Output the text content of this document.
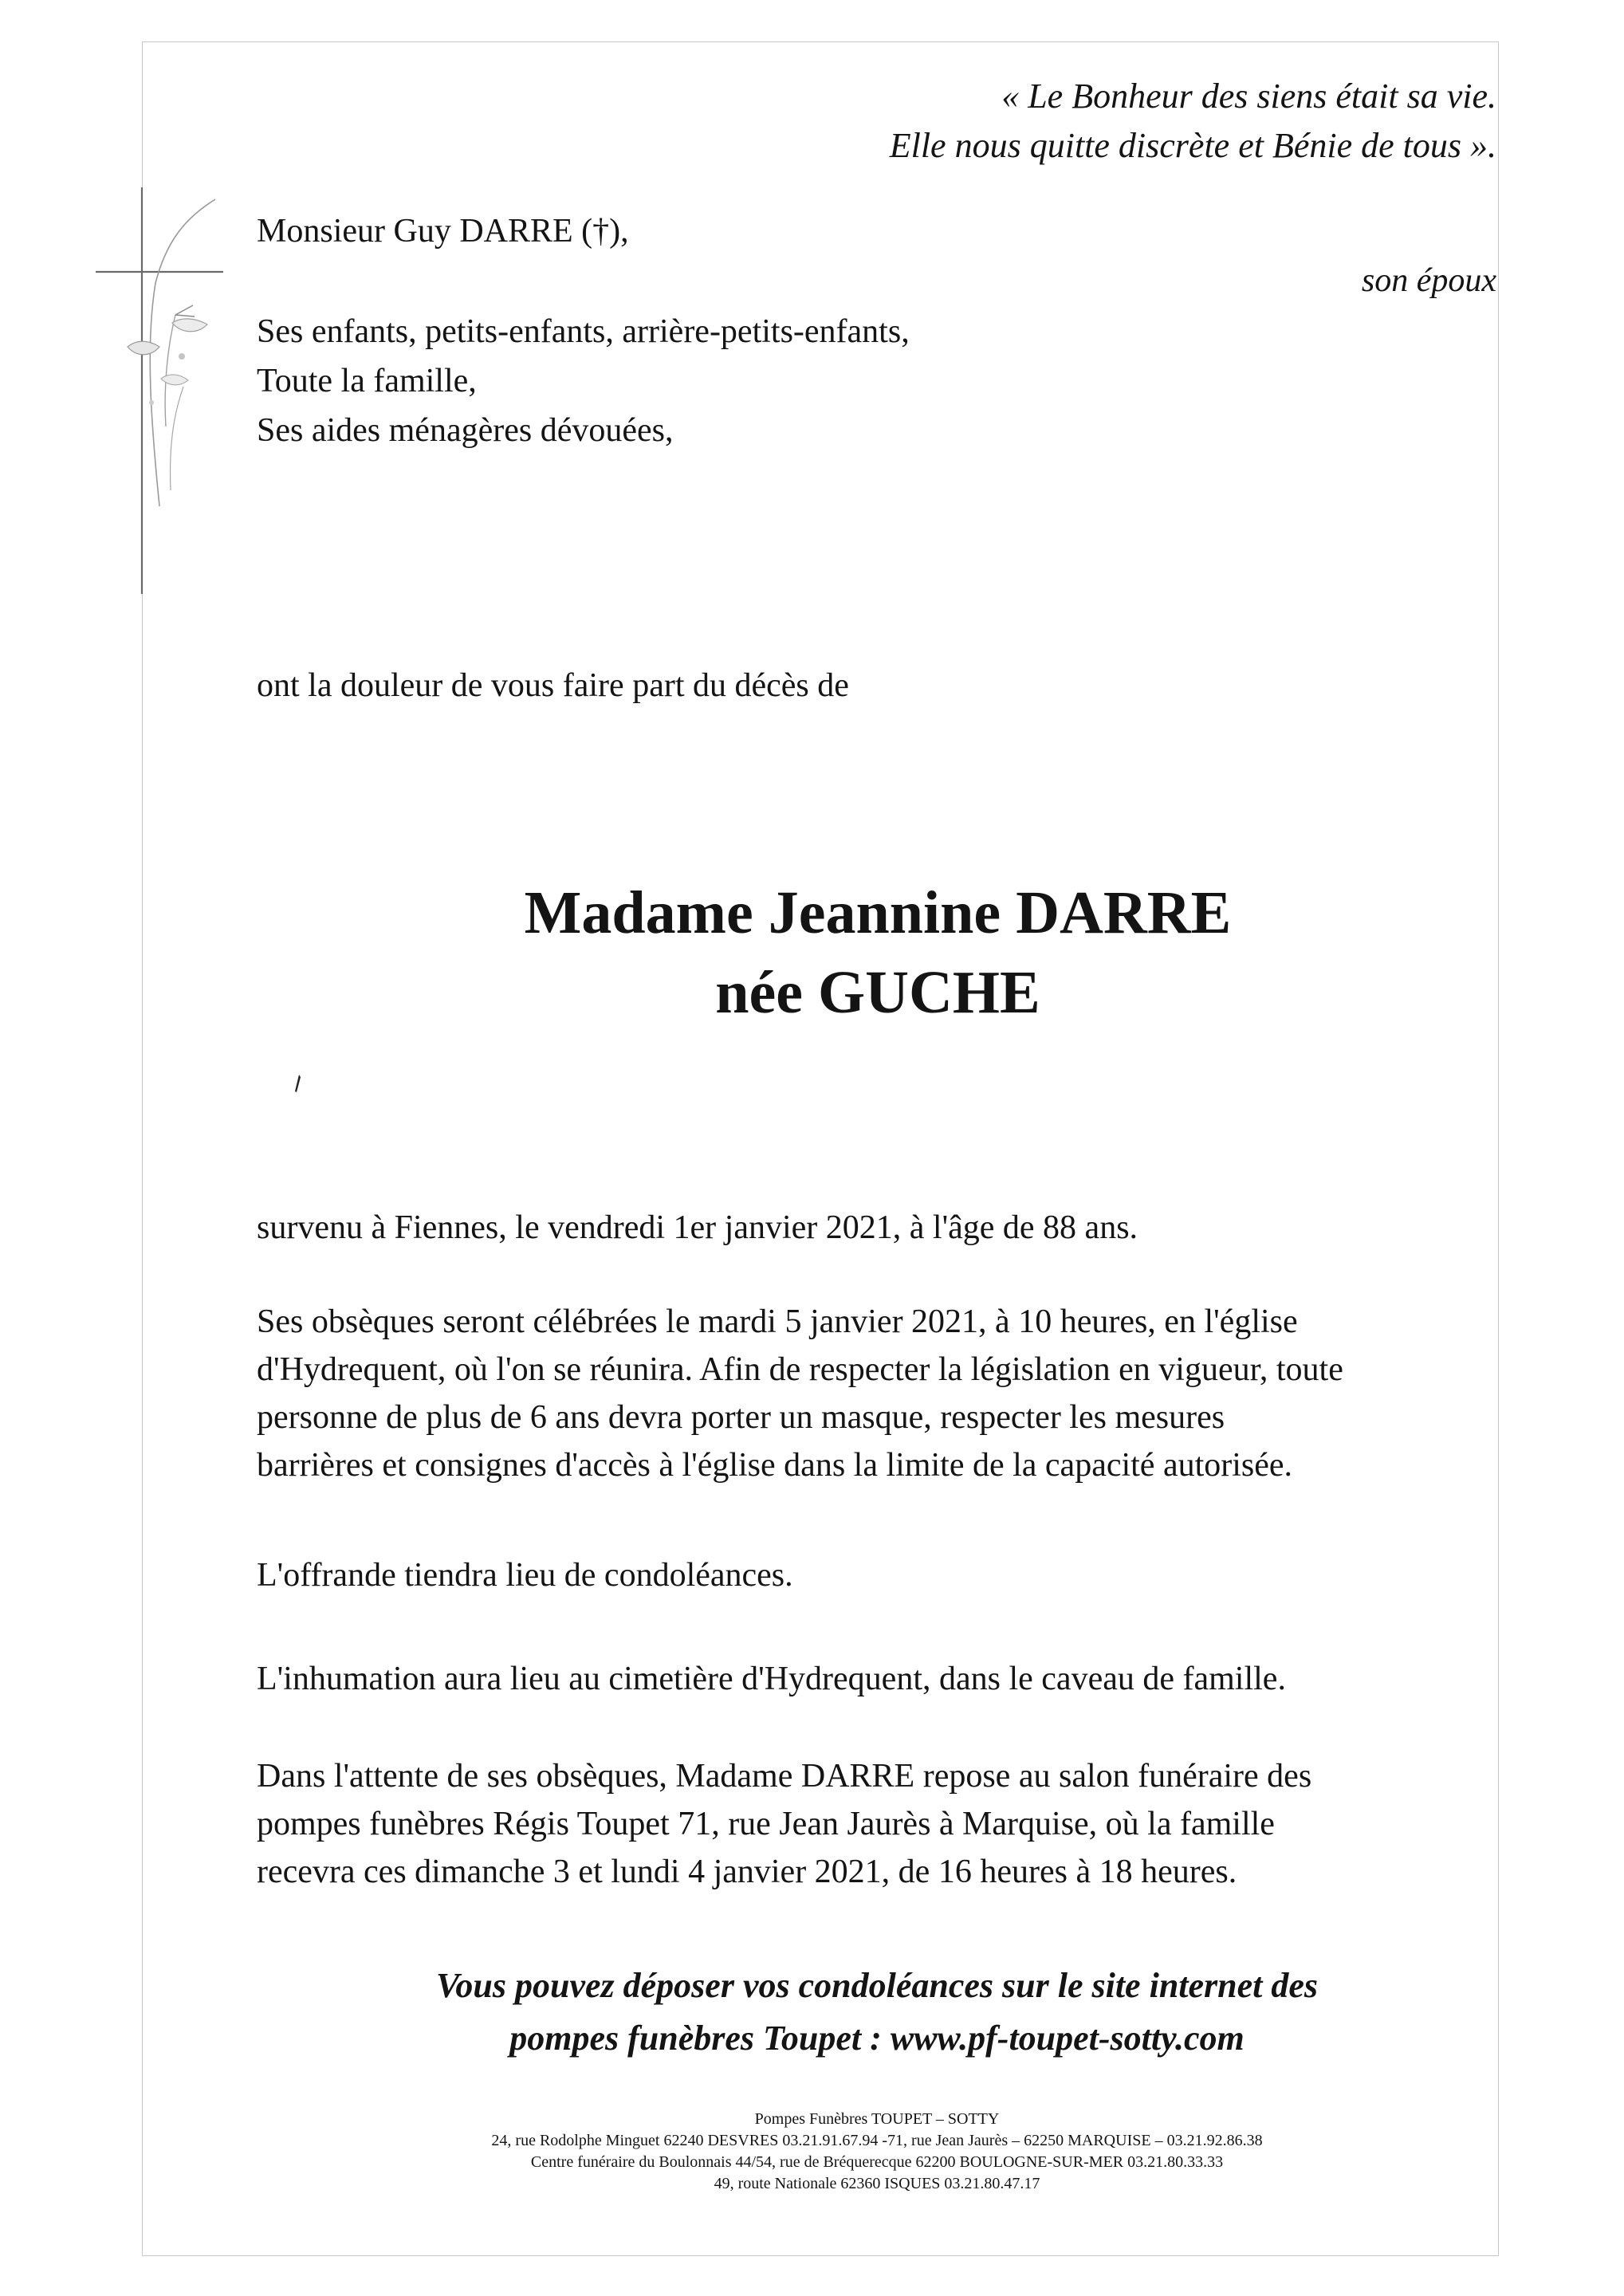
« Le Bonheur des siens était sa vie.
Elle nous quitte discrète et Bénie de tous ».

Monsieur Guy DARRE (†),

son époux

Ses enfants, petits-enfants, arrière-petits-enfants,

Toute la famille,

Ses aides ménagères dévouées,

ont la douleur de vous faire part du décès de

Madame Jeannine DARRE
née GUCHE

survenu à Fiennes, le vendredi 1er janvier 2021, à l'âge de 88 ans.

Ses obsèques seront célébrées le mardi 5 janvier 2021, à 10 heures, en l'église
d'Hydrequent, où l'on se réunira. Afin de respecter la législation en vigueur, toute
personne de plus de 6 ans devra porter un masque, respecter les mesures
barrières et consignes d'accès à l'église dans la limite de la capacité autorisée.

L'offrande tiendra lieu de condoléances.

L'inhumation aura lieu au cimetière d'Hydrequent, dans le caveau de famille.

Dans l'attente de ses obsèques, Madame DARRE repose au salon funéraire des
pompes funèbres Régis Toupet 71, rue Jean Jaurès à Marquise, où la famille
recevra ces dimanche 3 et lundi 4 janvier 2021, de 16 heures à 18 heures.

Vous pouvez déposer vos condoléances sur le site internet des
pompes funèbres Toupet : www.pf-toupet-sotty.com

Pompes Funèbres TOUPET – SOTTY
24, rue Rodolphe Minguet 62240 DESVRES 03.21.91.67.94 -71, rue Jean Jaurès – 62250 MARQUISE – 03.21.92.86.38
Centre funéraire du Boulonnais 44/54, rue de Bréquerecque 62200 BOULOGNE-SUR-MER 03.21.80.33.33
49, route Nationale 62360 ISQUES 03.21.80.47.17
